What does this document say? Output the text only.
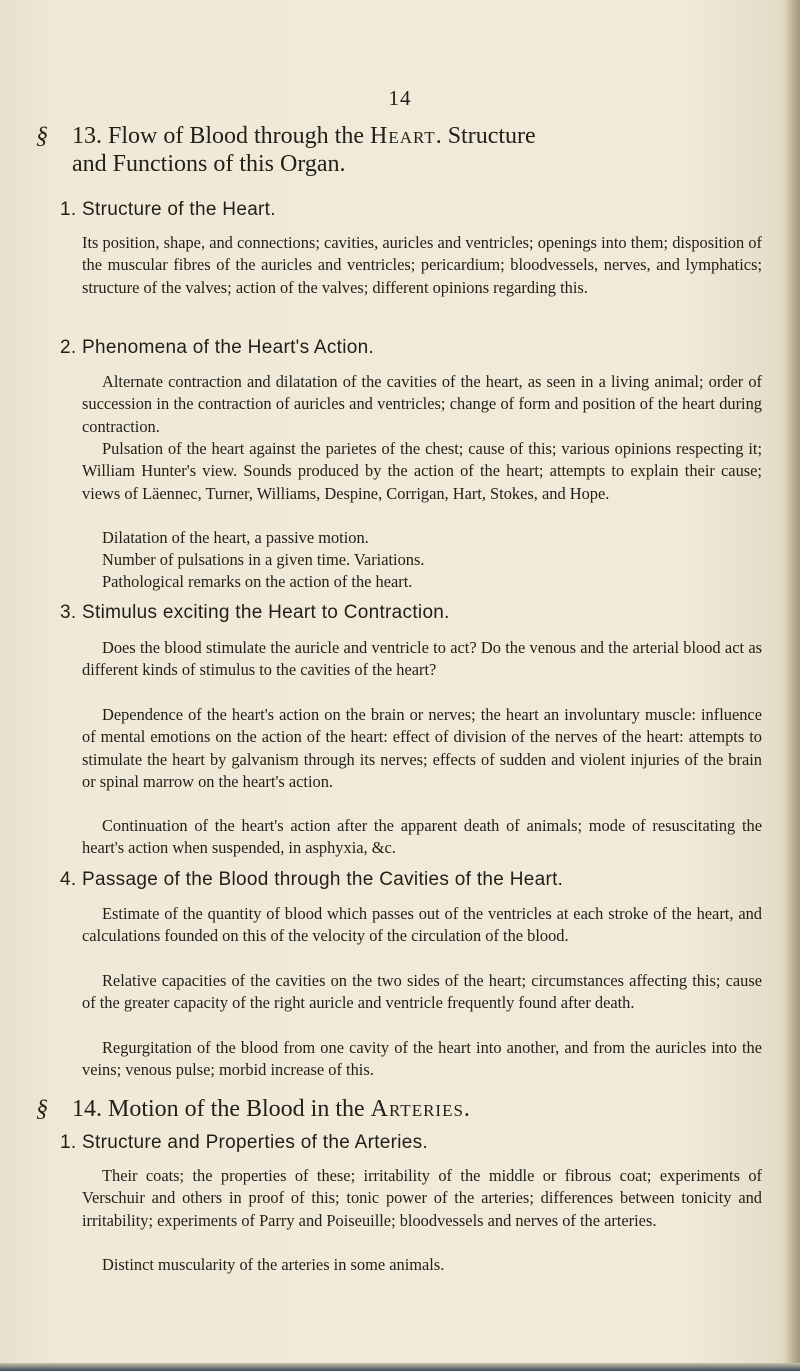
14
§ 13. Flow of Blood through the Heart. Structure
and Functions of this Organ.
1. Structure of the Heart.
Its position, shape, and connections; cavities, auricles and ventricles; openings into them; disposition of the muscular fibres of the auricles and ventricles; pericardium; bloodvessels, nerves, and lymphatics; structure of the valves; action of the valves; different opinions regarding this.
2. Phenomena of the Heart's Action.
Alternate contraction and dilatation of the cavities of the heart, as seen in a living animal; order of succession in the contraction of auricles and ventricles; change of form and position of the heart during contraction.
Pulsation of the heart against the parietes of the chest; cause of this; various opinions respecting it; William Hunter's view. Sounds produced by the action of the heart; attempts to explain their cause; views of Läennec, Turner, Williams, Despine, Corrigan, Hart, Stokes, and Hope.
Dilatation of the heart, a passive motion.
Number of pulsations in a given time. Variations.
Pathological remarks on the action of the heart.
3. Stimulus exciting the Heart to Contraction.
Does the blood stimulate the auricle and ventricle to act? Do the venous and the arterial blood act as different kinds of stimulus to the cavities of the heart?
Dependence of the heart's action on the brain or nerves; the heart an involuntary muscle: influence of mental emotions on the action of the heart: effect of division of the nerves of the heart: attempts to stimulate the heart by galvanism through its nerves; effects of sudden and violent injuries of the brain or spinal marrow on the heart's action.
Continuation of the heart's action after the apparent death of animals; mode of resuscitating the heart's action when suspended, in asphyxia, &c.
4. Passage of the Blood through the Cavities of the Heart.
Estimate of the quantity of blood which passes out of the ventricles at each stroke of the heart, and calculations founded on this of the velocity of the circulation of the blood.
Relative capacities of the cavities on the two sides of the heart; circumstances affecting this; cause of the greater capacity of the right auricle and ventricle frequently found after death.
Regurgitation of the blood from one cavity of the heart into another, and from the auricles into the veins; venous pulse; morbid increase of this.
§ 14. Motion of the Blood in the Arteries.
1. Structure and Properties of the Arteries.
Their coats; the properties of these; irritability of the middle or fibrous coat; experiments of Verschuir and others in proof of this; tonic power of the arteries; differences between tonicity and irritability; experiments of Parry and Poiseuille; bloodvessels and nerves of the arteries.
Distinct muscularity of the arteries in some animals.
